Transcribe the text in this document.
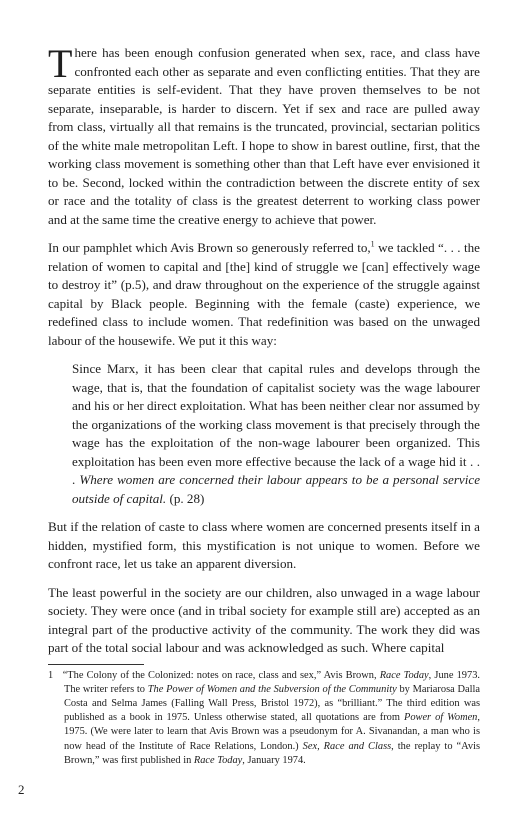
There has been enough confusion generated when sex, race, and class have confronted each other as separate and even conflicting entities. That they are separate entities is self-evident. That they have proven themselves to be not separate, inseparable, is harder to discern. Yet if sex and race are pulled away from class, virtually all that remains is the truncated, provincial, sectarian politics of the white male metropolitan Left. I hope to show in barest outline, first, that the working class movement is something other than that Left have ever envisioned it to be. Second, locked within the contradiction between the discrete entity of sex or race and the totality of class is the greatest deterrent to working class power and at the same time the creative energy to achieve that power.

In our pamphlet which Avis Brown so generously referred to,$^1$ we tackled “. . . the relation of women to capital and [the] kind of struggle we [can] effectively wage to destroy it” (p.5), and draw throughout on the experience of the struggle against capital by Black people. Beginning with the female (caste) experience, we redefined class to include women. That redefinition was based on the unwaged labour of the housewife. We put it this way:

Since Marx, it has been clear that capital rules and develops through the wage, that is, that the foundation of capitalist society was the wage labourer and his or her direct exploitation. What has been neither clear nor assumed by the organizations of the working class movement is that precisely through the wage has the exploitation of the non-wage labourer been organized. This exploitation has been even more effective because the lack of a wage hid it . . . Where women are concerned their labour appears to be a personal service outside of capital. (p. 28)

But if the relation of caste to class where women are concerned presents itself in a hidden, mystified form, this mystification is not unique to women. Before we confront race, let us take an apparent diversion.

The least powerful in the society are our children, also unwaged in a wage labour society. They were once (and in tribal society for example still are) accepted as an integral part of the productive activity of the community. The work they did was part of the total social labour and was acknowledged as such. Where capital

1 “The Colony of the Colonized: notes on race, class and sex,” Avis Brown, Race Today, June 1973. The writer refers to The Power of Women and the Subversion of the Community by Mariarosa Dalla Costa and Selma James (Falling Wall Press, Bristol 1972), as “brilliant.” The third edition was published as a book in 1975. Unless otherwise stated, all quotations are from Power of Women, 1975. (We were later to learn that Avis Brown was a pseudonym for A. Sivanandan, a man who is now head of the Institute of Race Relations, London.) Sex, Race and Class, the replay to “Avis Brown,” was first published in Race Today, January 1974.

2
